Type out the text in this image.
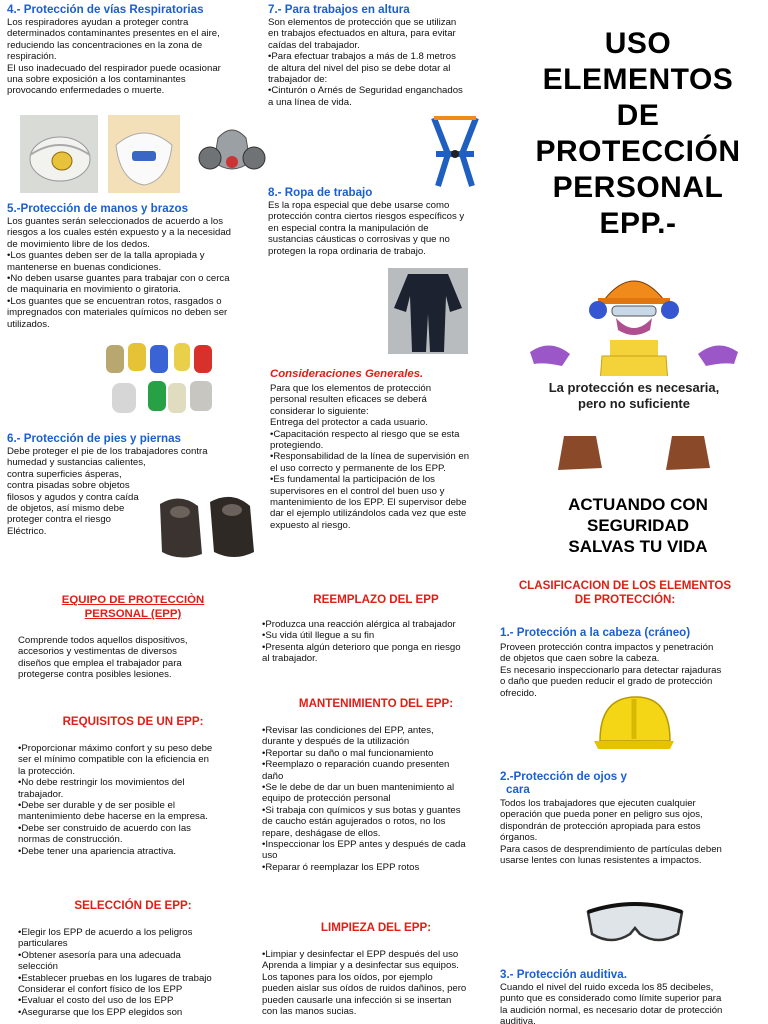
4.- Protección de vías Respiratorias
Los respiradores ayudan a proteger contra
determinados contaminantes presentes en el aire,
reduciendo las concentraciones en la zona de
respiración.
El uso inadecuado del respirador puede ocasionar
una sobre exposición a los contaminantes
provocando enfermedades o muerte.
5.-Protección de manos y brazos
Los guantes serán seleccionados de acuerdo a los
riesgos a los cuales estén expuesto y a la necesidad
de movimiento libre de los dedos.
•Los guantes deben ser de la talla apropiada y
mantenerse en buenas condiciones.
•No deben usarse guantes para trabajar con o cerca
de maquinaria en movimiento o giratoria.
•Los guantes que se encuentran rotos, rasgados o
impregnados con materiales químicos no deben ser
utilizados.
6.- Protección de pies y piernas
Debe proteger el pie de los trabajadores contra
humedad y sustancias calientes,
contra superficies ásperas,
contra pisadas sobre objetos
filosos y agudos y contra caída
de objetos, así mismo debe
proteger contra el riesgo
Eléctrico.
7.- Para trabajos en altura
Son elementos de protección que se utilizan
en trabajos efectuados en altura, para evitar
caídas del trabajador.
•Para efectuar trabajos a más de 1.8 metros
de altura del nivel del piso se debe dotar al
trabajador de:
•Cinturón o Arnés de Seguridad enganchados
a una línea de vida.
8.- Ropa de trabajo
Es la ropa especial que debe usarse como
protección contra ciertos riesgos específicos y
en especial contra la manipulación de
sustancias cáusticas o corrosivas y que no
protegen la ropa ordinaria de trabajo.
Consideraciones Generales.
Para que los elementos de protección
personal resulten eficaces se deberá
considerar lo siguiente:
Entrega del protector a cada usuario.
•Capacitación respecto al riesgo que se esta
protegiendo.
•Responsabilidad de la línea de supervisión en
el uso correcto y permanente de los EPP.
•Es fundamental la participación de los
supervisores en el control del buen uso y
mantenimiento de los EPP. El supervisor debe
dar el ejemplo utilizándolos cada vez que este
expuesto al riesgo.
USO
ELEMENTOS
DE
PROTECCIÓN
PERSONAL
EPP.-
La protección es necesaria,
pero no suficiente
ACTUANDO CON
SEGURIDAD
SALVAS TU VIDA
EQUIPO DE PROTECCIÒN
PERSONAL (EPP)
Comprende todos aquellos dispositivos,
accesorios y vestimentas de diversos
diseños que emplea el trabajador para
protegerse contra posibles lesiones.
REQUISITOS DE UN EPP:
•Proporcionar máximo confort y su peso debe
ser el mínimo compatible con la eficiencia en
la protección.
•No debe restringir los movimientos del
trabajador.
•Debe ser durable y de ser posible el
mantenimiento debe hacerse en la empresa.
•Debe ser construido de acuerdo con las
normas de construcción.
•Debe tener una apariencia atractiva.
SELECCIÓN DE EPP:
•Elegir los EPP de acuerdo a los peligros
particulares
•Obtener asesoría para una adecuada
selección
•Establecer pruebas en los lugares de trabajo
Considerar el confort físico de los EPP
•Evaluar el costo del uso de los EPP
•Asegurarse que los EPP elegidos son
REEMPLAZO DEL EPP
•Produzca una reacción alérgica al trabajador
•Su vida útil llegue a su fin
•Presenta algún deterioro que ponga en riesgo
al trabajador.
MANTENIMIENTO DEL EPP:
•Revisar las condiciones del EPP, antes,
durante y después de la utilización
•Reportar su daño o mal funcionamiento
•Reemplazo o reparación cuando presenten
daño
•Se le debe de dar un buen mantenimiento al
equipo de protección personal
•Si trabaja con químicos y sus botas y guantes
de caucho están agujerados o rotos, no los
repare, deshágase de ellos.
•Inspeccionar los EPP antes y después de cada
uso
•Reparar ó reemplazar los EPP rotos
LIMPIEZA DEL EPP:
•Limpiar y desinfectar el EPP después del uso
Aprenda a limpiar y a desinfectar sus equipos.
Los tapones para los oídos, por ejemplo
pueden aislar sus oídos de ruidos dañinos, pero
pueden causarle una infección si se insertan
con las manos sucias.
CLASIFICACION DE LOS ELEMENTOS
DE PROTECCIÓN:
1.- Protección a la cabeza (cráneo)
Proveen protección contra impactos y penetración
de objetos que caen sobre la cabeza.
Es necesario inspeccionarlo para detectar rajaduras
o daño que pueden reducir el grado de protección
ofrecido.
2.-Protección de ojos y
cara
Todos los trabajadores que ejecuten cualquier
operación que pueda poner en peligro sus ojos,
dispondrán de protección apropiada para estos
órganos.
Para casos de desprendimiento de partículas deben
usarse lentes con lunas resistentes a impactos.
3.- Protección auditiva.
Cuando el nivel del ruido exceda los 85 decibeles,
punto que es considerado como límite superior para
la audición normal, es necesario dotar de protección
auditiva.
